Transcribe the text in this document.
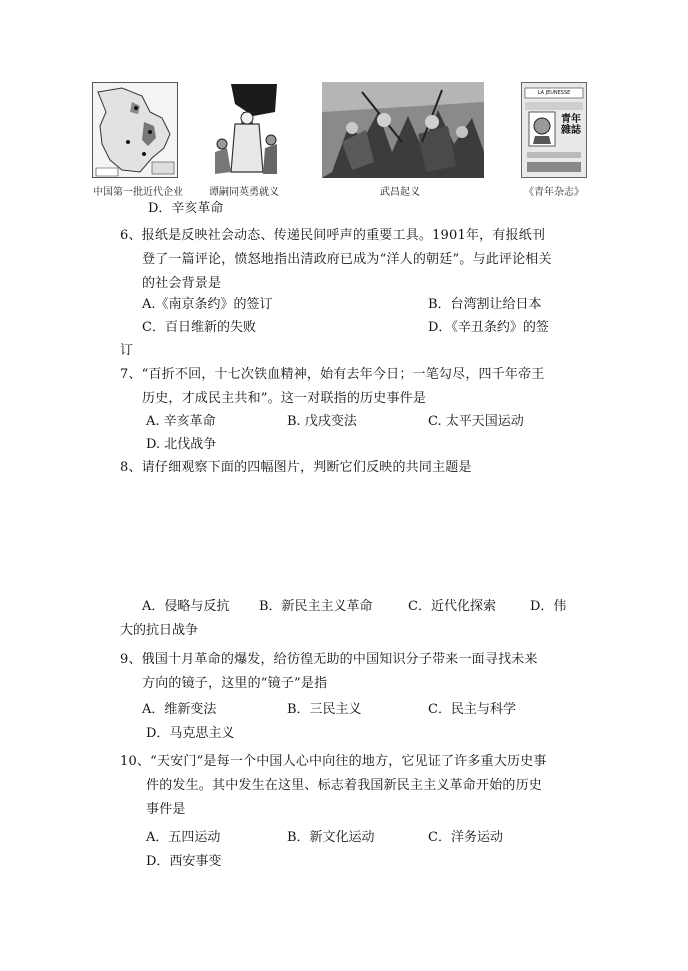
中国第一批近代企业	谭嗣同英勇就义	武昌起义
LA JEUNESSE
青年雜誌
《青年杂志》
D．辛亥革命
6、报纸是反映社会动态、传递民间呼声的重要工具。1901年，有报纸刊
登了一篇评论，愤怒地指出清政府已成为“洋人的朝廷”。与此评论相关
的社会背景是
A.《南京条约》的签订	B．台湾割让给日本
C．百日维新的失败	D．《辛丑条约》的签
订
7、“百折不回，十七次铁血精神，始有去年今日；一笔勾尽，四千年帝王
历史，才成民主共和”。这一对联指的历史事件是
A. 辛亥革命	B. 戊戌变法	C. 太平天国运动
D. 北伐战争
8、请仔细观察下面的四幅图片，判断它们反映的共同主题是
A．侵略与反抗 B．新民主主义革命	C．近代化探索	D．伟
大的抗日战争
9、俄国十月革命的爆发，给彷徨无助的中国知识分子带来一面寻找未来
方向的镜子，这里的“镜子”是指
A．维新变法	B．三民主义	C．民主与科学
D．马克思主义
10、“天安门”是每一个中国人心中向往的地方，它见证了许多重大历史事
件的发生。其中发生在这里、标志着我国新民主主义革命开始的历史
事件是
A．五四运动	B．新文化运动	C．洋务运动
D．西安事变
